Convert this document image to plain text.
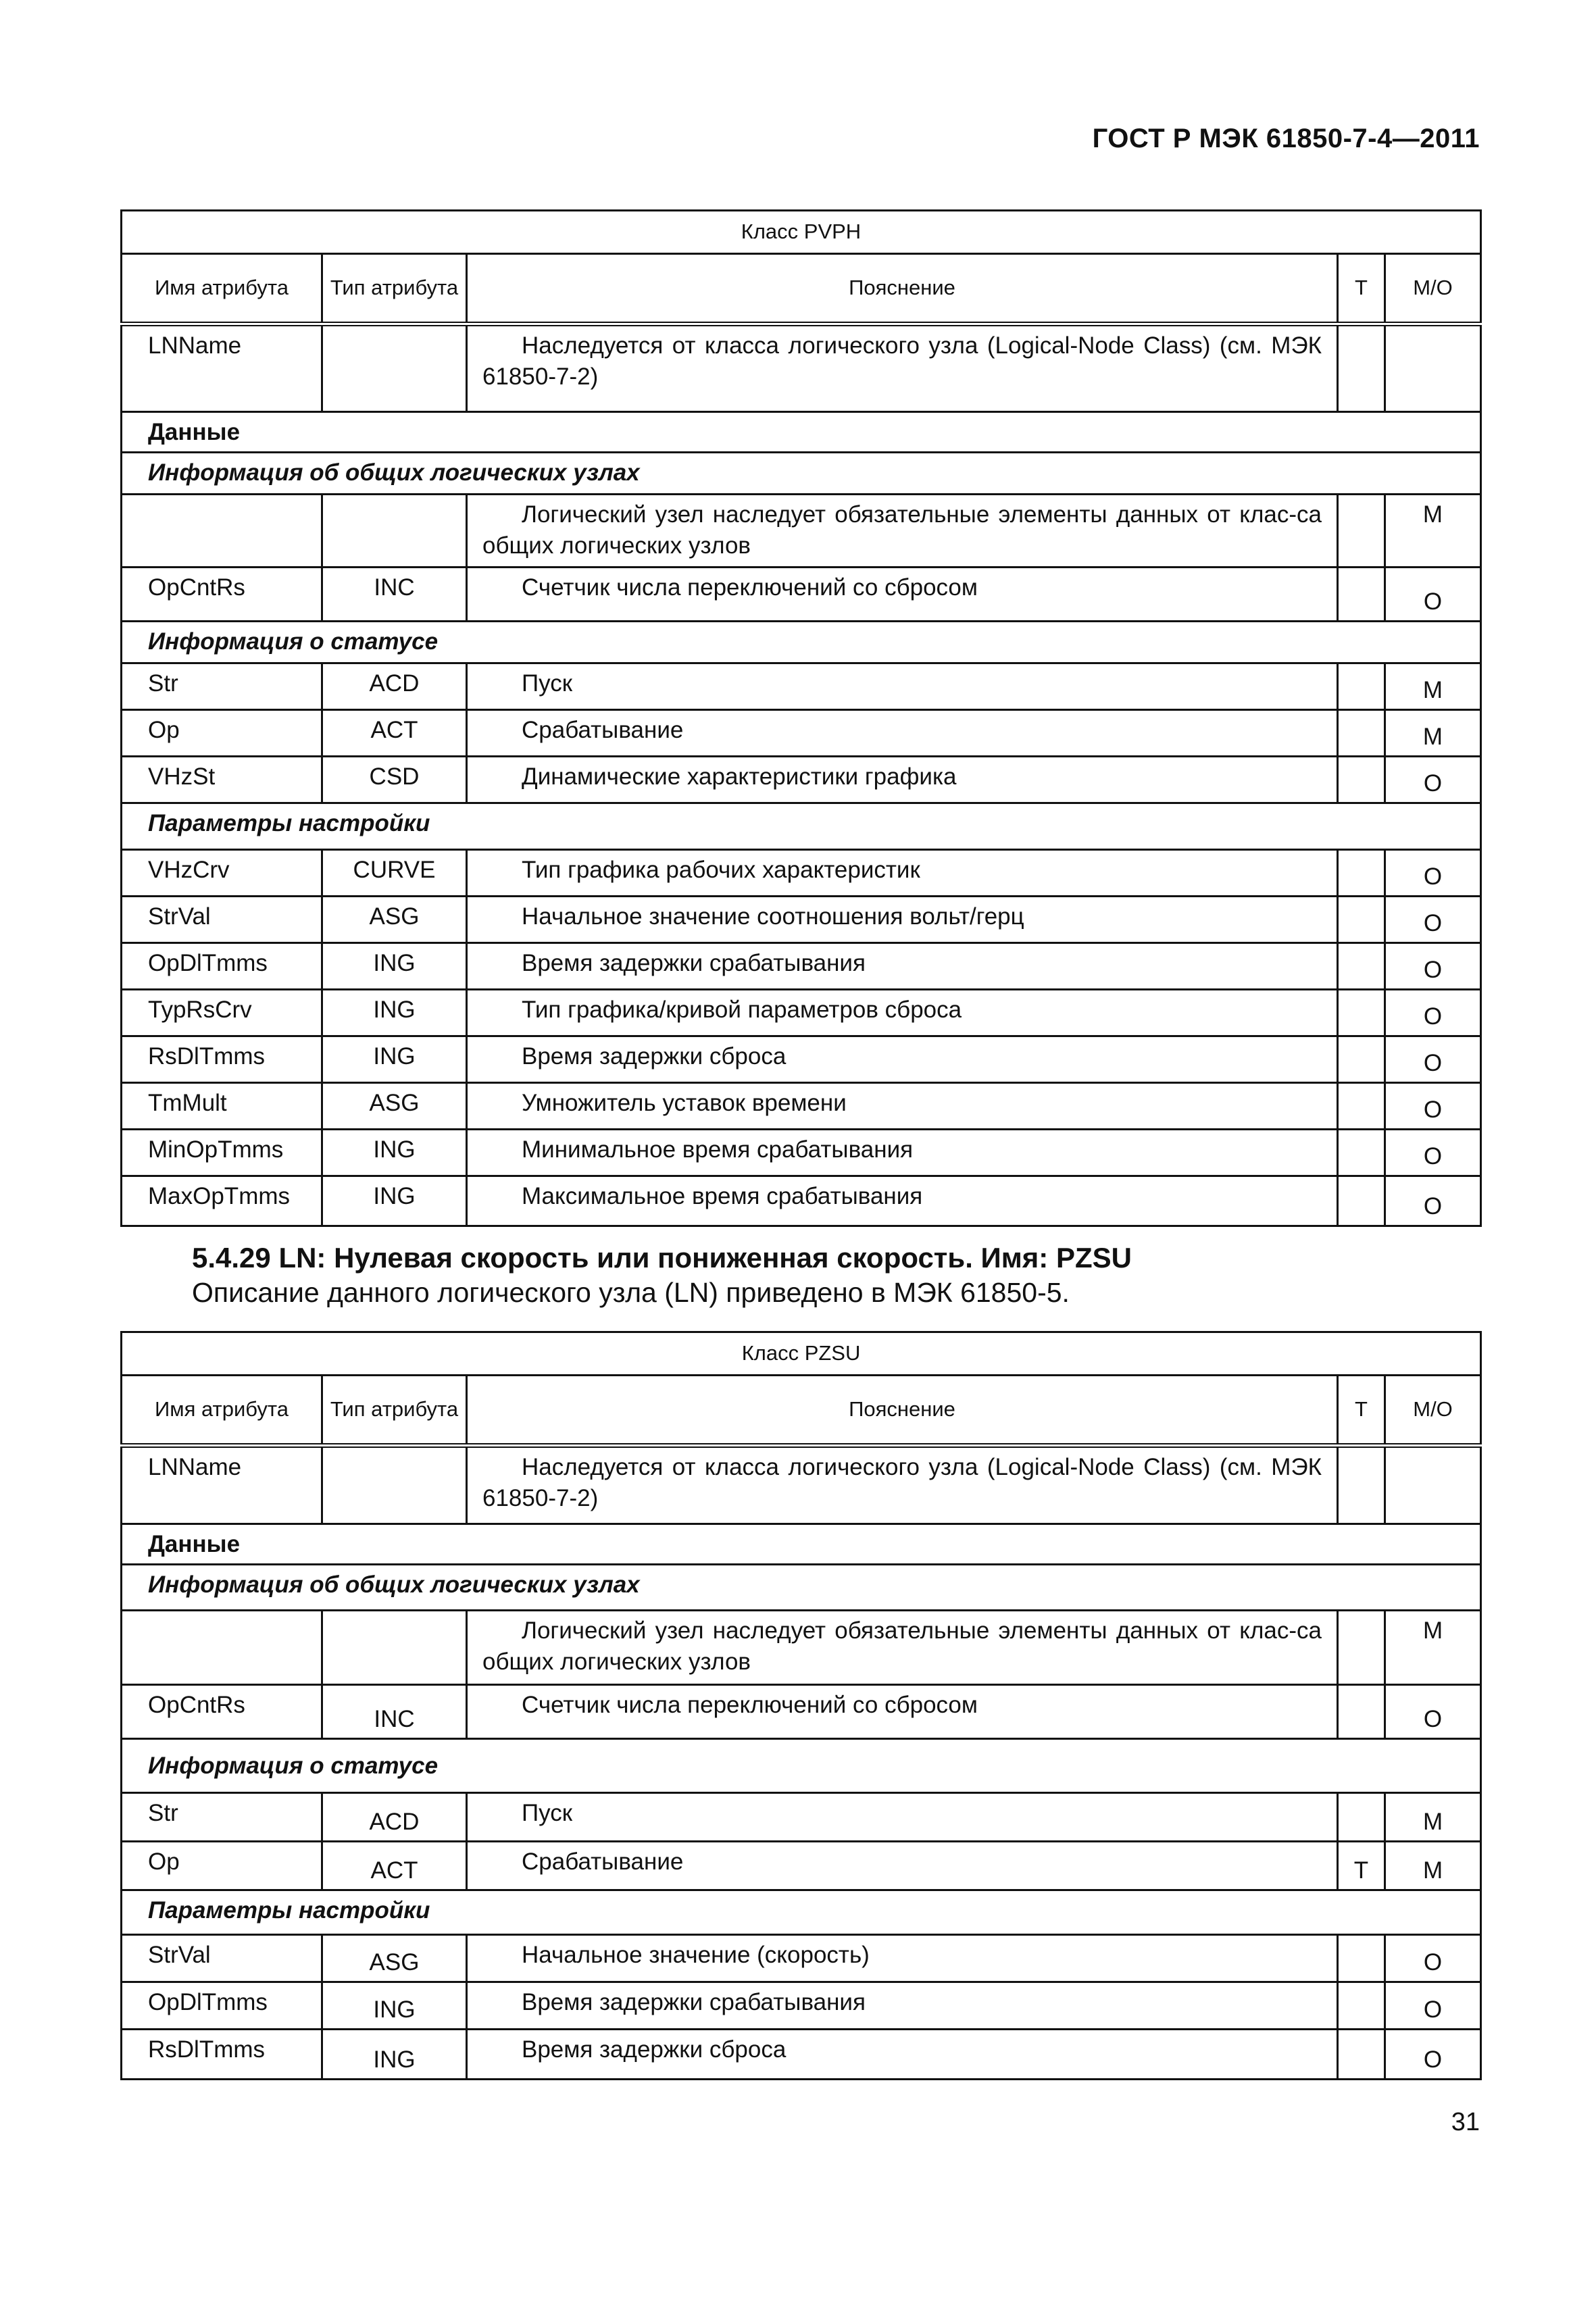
ГОСТ Р МЭК 61850-7-4—2011
Класс PVPH				
Имя атрибута	Тип атрибута	Пояснение	T	M/O
LNName		Наследуется от класса логического узла (Logical-Node Class) (см. МЭК 61850-7-2)		
Данные				
Информация об общих логических узлах				
		Логический узел наследует обязательные элементы данных от клас-са общих логических узлов		M
OpCntRs	INC	Счетчик числа переключений со сбросом		O
Информация о статусе				
Str	ACD	Пуск		M
Op	ACT	Срабатывание		M
VHzSt	CSD	Динамические характеристики графика		O
Параметры настройки				
VHzCrv	CURVE	Тип графика рабочих характеристик		O
StrVal	ASG	Начальное значение соотношения вольт/герц		O
OpDlTmms	ING	Время задержки срабатывания		O
TypRsCrv	ING	Тип графика/кривой параметров сброса		O
RsDlTmms	ING	Время задержки сброса		O
TmMult	ASG	Умножитель уставок времени		O
MinOpTmms	ING	Минимальное время срабатывания		O
MaxOpTmms	ING	Максимальное время срабатывания		O
5.4.29 LN: Нулевая скорость или пониженная скорость. Имя: PZSU
Описание данного логического узла (LN) приведено в МЭК 61850-5.
Класс PZSU				
Имя атрибута	Тип атрибута	Пояснение	T	M/O
LNName		Наследуется от класса логического узла (Logical-Node Class) (см. МЭК 61850-7-2)		
Данные				
Информация об общих логических узлах				
		Логический узел наследует обязательные элементы данных от клас-са общих логических узлов		M
OpCntRs	INC	Счетчик числа переключений со сбросом		O
Информация о статусе				
Str	ACD	Пуск		M
Op	ACT	Срабатывание	T	M
Параметры настройки				
StrVal	ASG	Начальное значение (скорость)		O
OpDlTmms	ING	Время задержки срабатывания		O
RsDlTmms	ING	Время задержки сброса		O
31
